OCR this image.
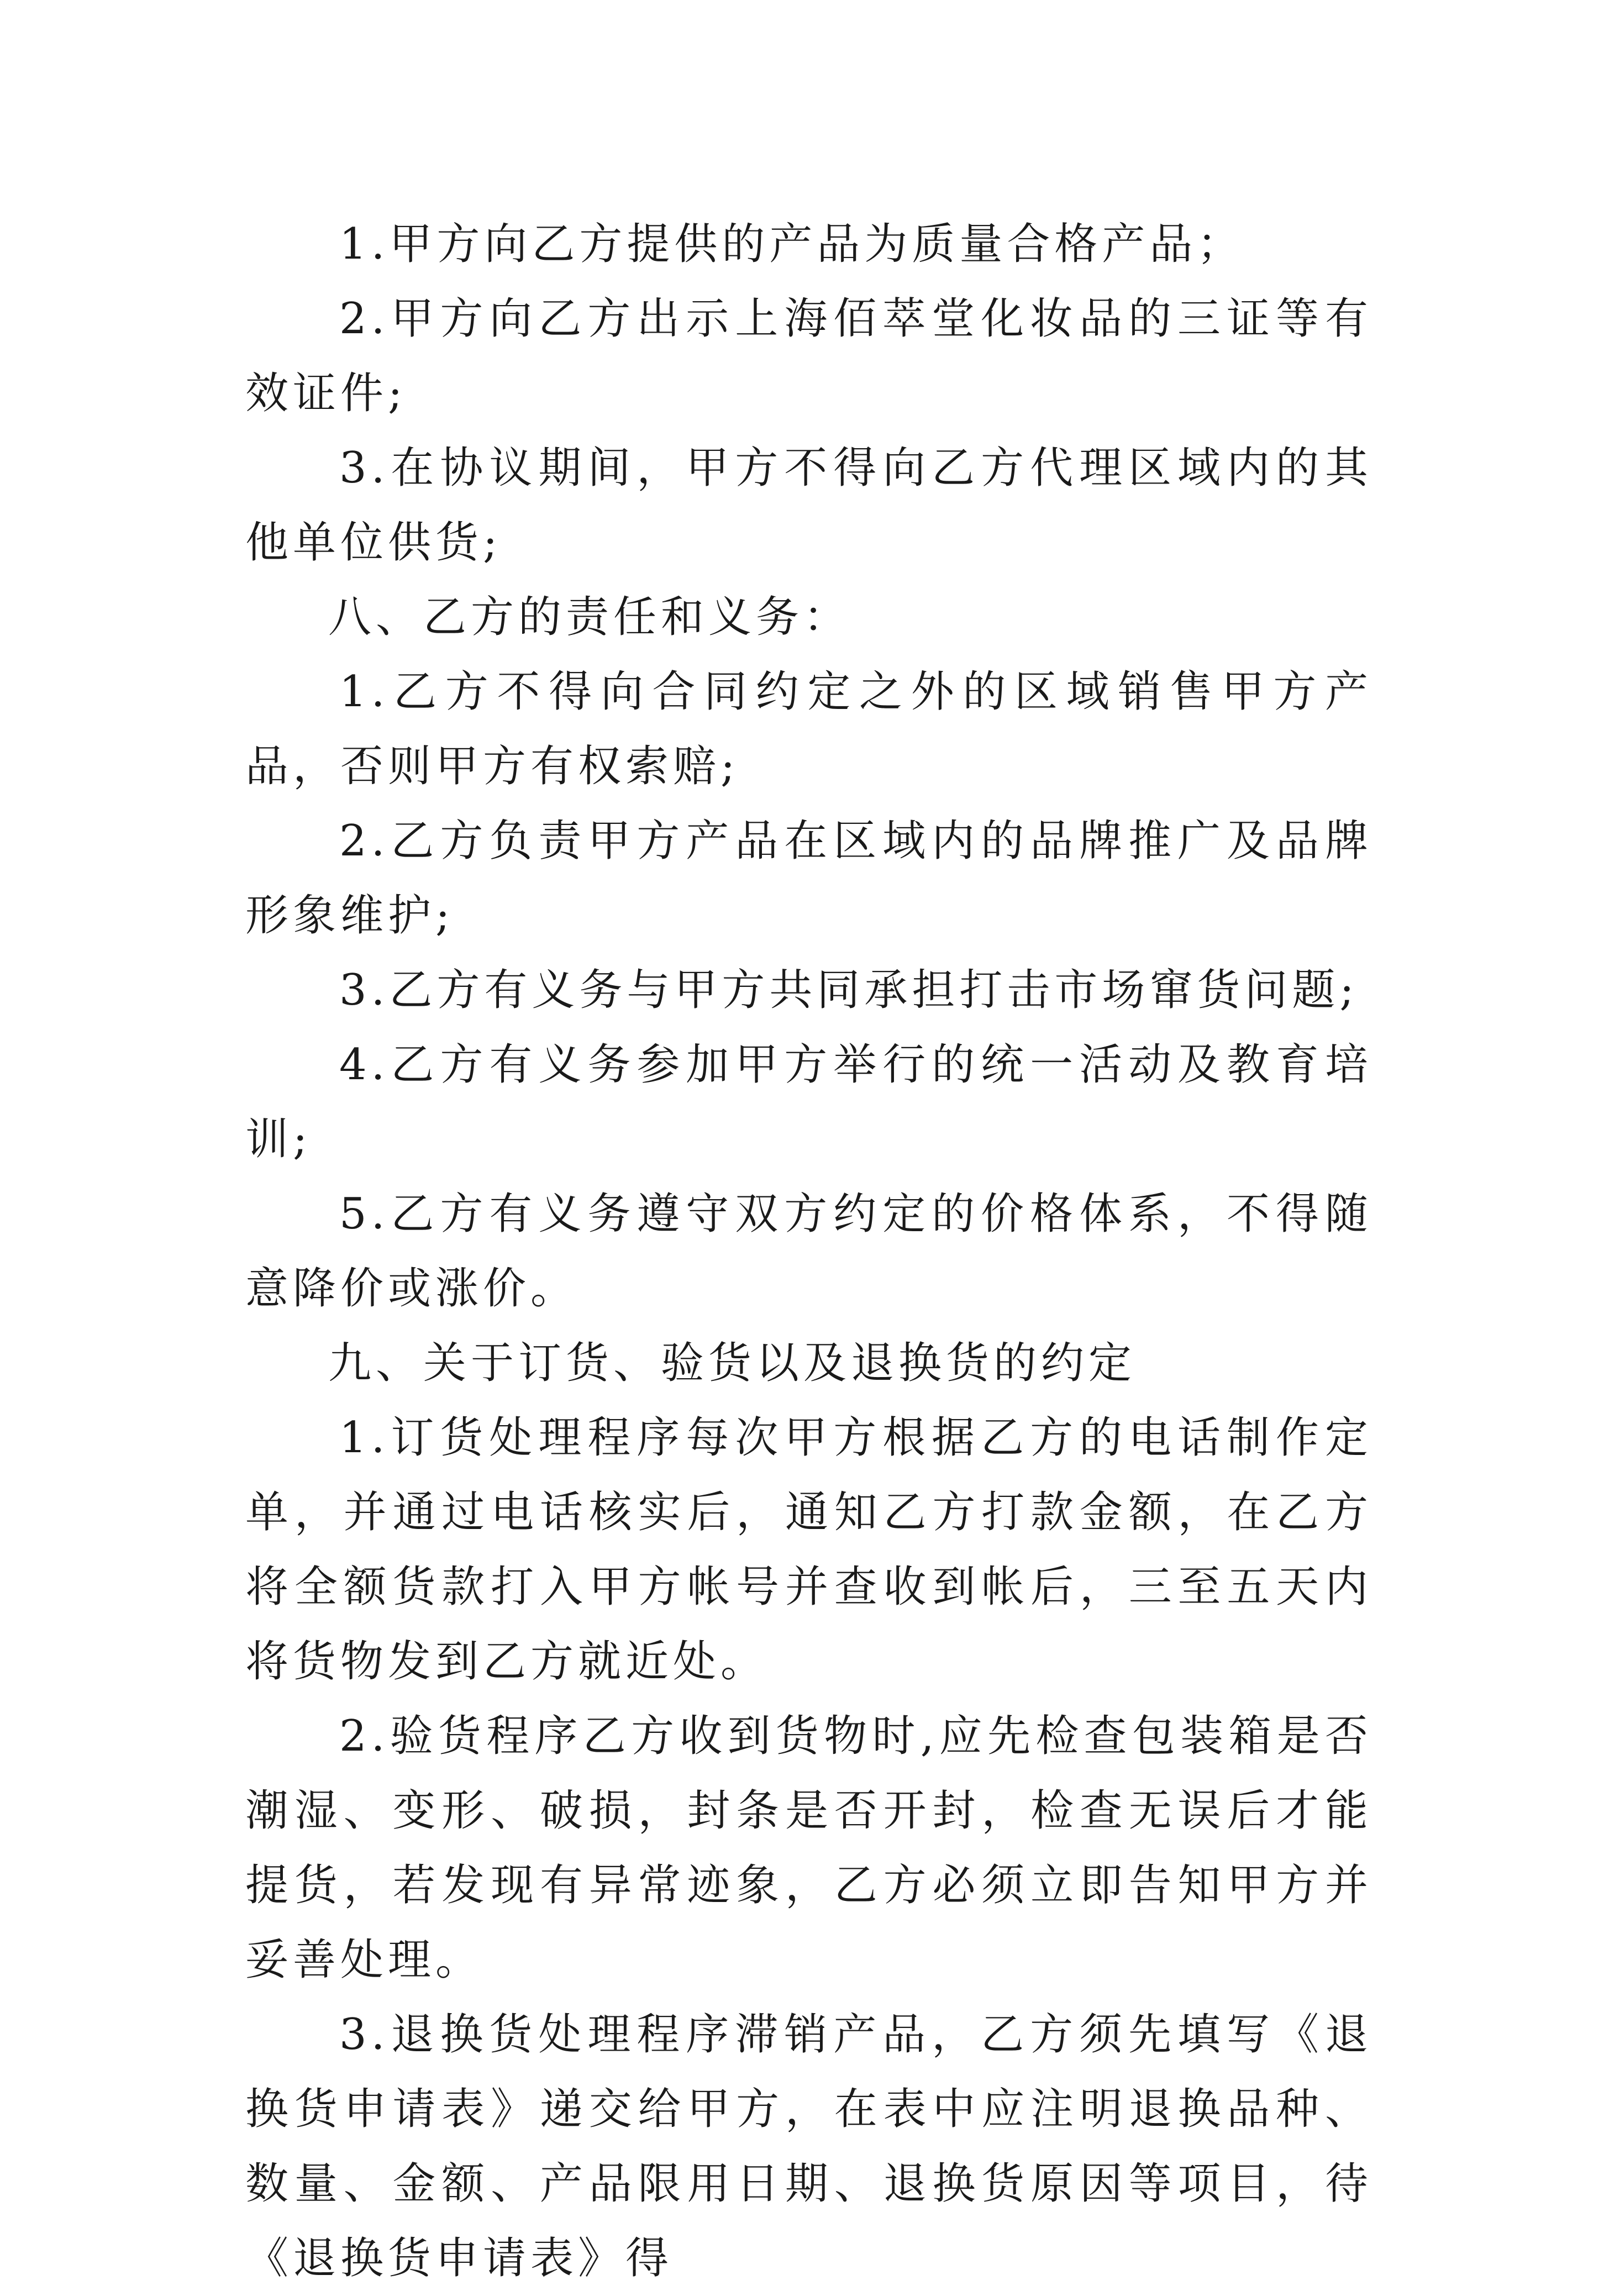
1.甲方向乙方提供的产品为质量合格产品；

2.甲方向乙方出示上海佰萃堂化妆品的三证等有效证件;

3.在协议期间，甲方不得向乙方代理区域内的其他单位供货;

八、乙方的责任和义务：

1.乙方不得向合同约定之外的区域销售甲方产品，否则甲方有权索赔;

2.乙方负责甲方产品在区域内的品牌推广及品牌形象维护;

3.乙方有义务与甲方共同承担打击市场窜货问题;

4.乙方有义务参加甲方举行的统一活动及教育培训;

5.乙方有义务遵守双方约定的价格体系，不得随意降价或涨价。

九、关于订货、验货以及退换货的约定

1.订货处理程序每次甲方根据乙方的电话制作定单，并通过电话核实后，通知乙方打款金额，在乙方将全额货款打入甲方帐号并查收到帐后，三至五天内将货物发到乙方就近处。

2.验货程序乙方收到货物时,应先检查包装箱是否潮湿、变形、破损，封条是否开封，检查无误后才能提货，若发现有异常迹象，乙方必须立即告知甲方并妥善处理。

3.退换货处理程序滞销产品，乙方须先填写《退换货申请表》递交给甲方，在表中应注明退换品种、数量、金额、产品限用日期、退换货原因等项目，待《退换货申请表》得
